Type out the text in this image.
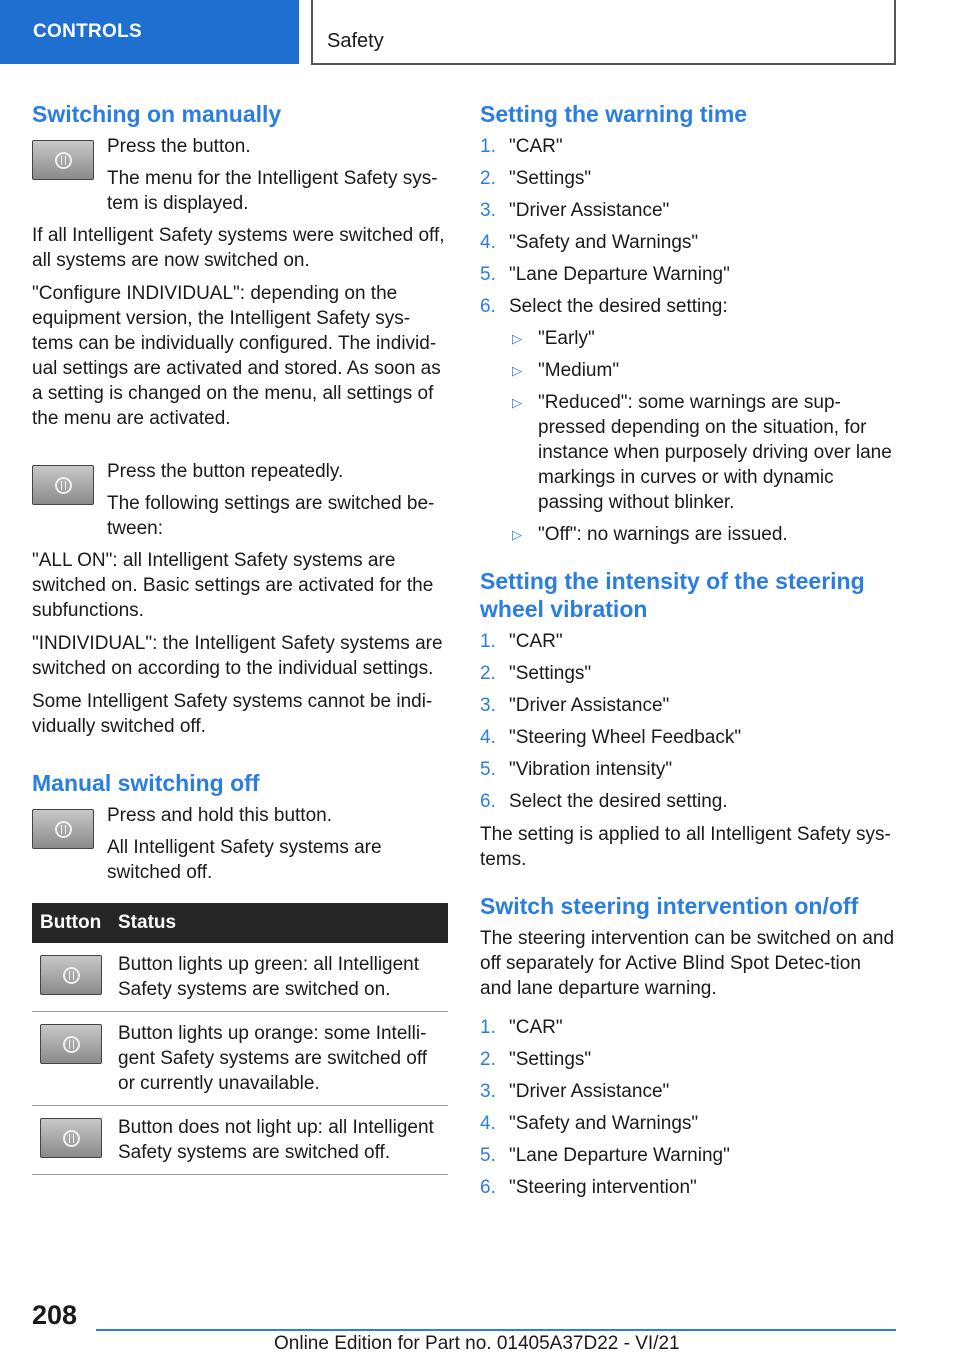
CONTROLS	Safety
Switching on manually

Press the button.

The menu for the Intelligent Safety sys-tem is displayed.

If all Intelligent Safety systems were switched off, all systems are now switched on.

"Configure INDIVIDUAL": depending on the equipment version, the Intelligent Safety sys-tems can be individually configured. The individ-ual settings are activated and stored. As soon as a setting is changed on the menu, all settings of the menu are activated.

Press the button repeatedly.

The following settings are switched be-tween:

"ALL ON": all Intelligent Safety systems are switched on. Basic settings are activated for the subfunctions.

"INDIVIDUAL": the Intelligent Safety systems are switched on according to the individual settings.

Some Intelligent Safety systems cannot be indi-vidually switched off.

Manual switching off

Press and hold this button.

All Intelligent Safety systems are switched off.

Button	Status

	Button lights up green: all Intelligent Safety systems are switched on.

	Button lights up orange: some Intelli-gent Safety systems are switched off or currently unavailable.

	Button does not light up: all Intelligent Safety systems are switched off.
Setting the warning time
1. "CAR"
2. "Settings"
3. "Driver Assistance"
4. "Safety and Warnings"
5. "Lane Departure Warning"
6. Select the desired setting:
▷ "Early"
▷ "Medium"
▷ "Reduced": some warnings are sup-pressed depending on the situation, for instance when purposely driving over lane markings in curves or with dynamic passing without blinker.
▷ "Off": no warnings are issued.
Setting the intensity of the steering wheel vibration
1. "CAR"
2. "Settings"
3. "Driver Assistance"
4. "Steering Wheel Feedback"
5. "Vibration intensity"
6. Select the desired setting.

The setting is applied to all Intelligent Safety sys-tems.

Switch steering intervention on/off

The steering intervention can be switched on and off separately for Active Blind Spot Detec-tion and lane departure warning.

1. "CAR"
2. "Settings"
3. "Driver Assistance"
4. "Safety and Warnings"
5. "Lane Departure Warning"
6. "Steering intervention"
208
Online Edition for Part no. 01405A37D22 - VI/21
